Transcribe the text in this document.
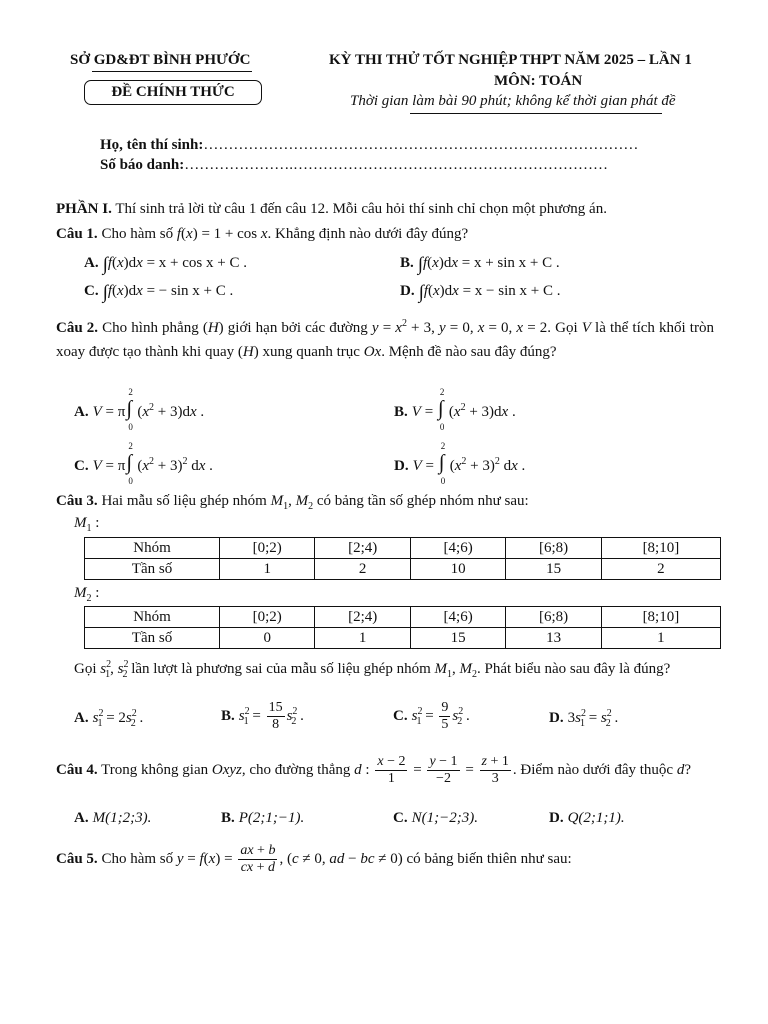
SỞ GD&ĐT BÌNH PHƯỚC
ĐỀ CHÍNH THỨC
KỲ THI THỬ TỐT NGHIỆP THPT NĂM 2025 – LẦN 1
MÔN: TOÁN
Thời gian làm bài 90 phút; không kể thời gian phát đề
Họ, tên thí sinh:……………………………………………………………………………
Số báo danh:………………….………………………………………………………
PHẦN I. Thí sinh trả lời từ câu 1 đến câu 12. Mỗi câu hỏi thí sinh chỉ chọn một phương án.
Câu 1. Cho hàm số f(x) = 1 + cos x. Khẳng định nào dưới đây đúng?
A. ∫f(x)dx = x + cos x + C .	B. ∫f(x)dx = x + sin x + C .
C. ∫f(x)dx = − sin x + C .	D. ∫f(x)dx = x − sin x + C .
Câu 2. Cho hình phẳng (H) giới hạn bởi các đường $y = x^2 + 3$, y = 0, x = 0, x = 2. Gọi V là thể tích khối tròn xoay được tạo thành khi quay (H) xung quanh trục Ox. Mệnh đề nào sau đây đúng?
A. V = π
2
∫
0
$(x^2 + 3)dx$ .	B. V =
2
∫
0
$(x^2 + 3)dx$ .
C. V = π
2
∫
0
$(x^2 + 3)^2$ dx .	D. V =
2
∫
0
$(x^2 + 3)^2$ dx .
Câu 3. Hai mẫu số liệu ghép nhóm $M_1$, $M_2$ có bảng tần số ghép nhóm như sau:
$M_1$ :
Nhóm	[0;2)	[2;4)	[4;6)	[6;8)	[8;10]
Tần số	1	2	10	15	2
$M_2$ :
Nhóm	[0;2)	[2;4)	[4;6)	[6;8)	[8;10]
Tần số	0	1	15	13	1
Gọi $s^2_1$, $s^2_2$ lần lượt là phương sai của mẫu số liệu ghép nhóm $M_1$, $M_2$. Phát biểu nào sau đây là đúng?
A. $s^2_1 = 2s^2_2$ .	B. $s^2_1 = \frac{15}{8} s^2_2$ .	C. $s^2_1 = \frac{9}{5} s^2_2$ .	D. $3s^2_1 = s^2_2$ .
Câu 4. Trong không gian Oxyz, cho đường thẳng d : $\frac{x - 2}{1} = \frac{y - 1}{-2} = \frac{z + 1}{3}$ . Điểm nào dưới đây thuộc d?
A. M(1;2;3).	B. P(2;1;−1).	C. N(1;−2;3).	D. Q(2;1;1).
Câu 5. Cho hàm số $y = f(x) = \frac{ax + b}{cx + d}$ , (c ≠ 0, ad − bc ≠ 0) có bảng biến thiên như sau:
